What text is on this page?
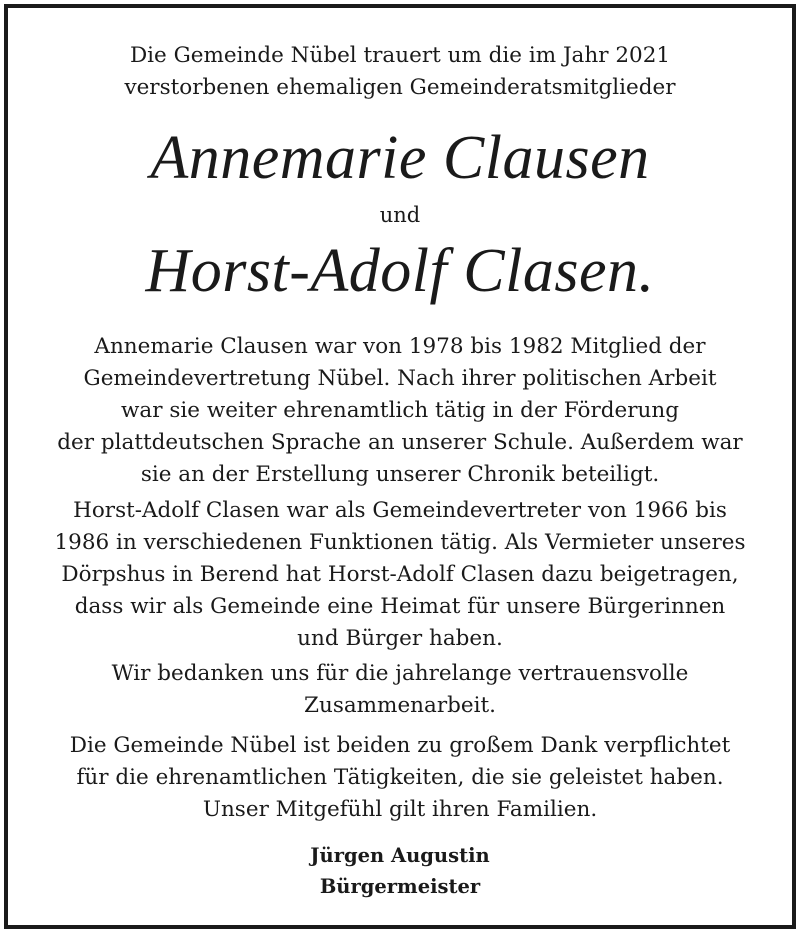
Die Gemeinde Nübel trauert um die im Jahr 2021
verstorbenen ehemaligen Gemeinderatsmitglieder
Annemarie Clausen
und
Horst-Adolf Clasen.
Annemarie Clausen war von 1978 bis 1982 Mitglied der
Gemeindevertretung Nübel. Nach ihrer politischen Arbeit
war sie weiter ehrenamtlich tätig in der Förderung
der plattdeutschen Sprache an unserer Schule. Außerdem war
sie an der Erstellung unserer Chronik beteiligt.
Horst-Adolf Clasen war als Gemeindevertreter von 1966 bis
1986 in verschiedenen Funktionen tätig. Als Vermieter unseres
Dörpshus in Berend hat Horst-Adolf Clasen dazu beigetragen,
dass wir als Gemeinde eine Heimat für unsere Bürgerinnen
und Bürger haben.
Wir bedanken uns für die jahrelange vertrauensvolle
Zusammenarbeit.
Die Gemeinde Nübel ist beiden zu großem Dank verpflichtet
für die ehrenamtlichen Tätigkeiten, die sie geleistet haben.
Unser Mitgefühl gilt ihren Familien.
Jürgen Augustin
Bürgermeister
